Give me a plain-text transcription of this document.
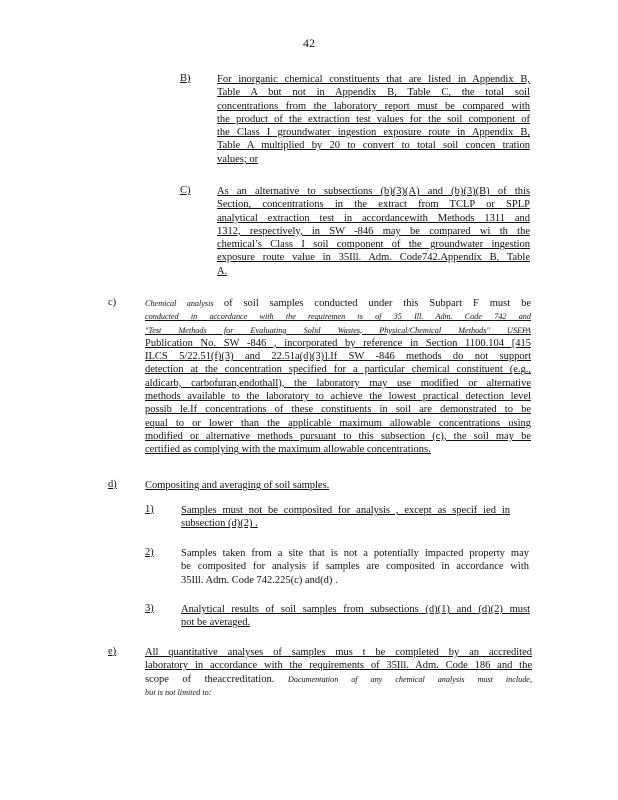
42
B)	For inorganic chemical constituents that are listed in Appendix B,
Table A but not in Appendix B, Table C, the total soil
concentrations from the laboratory report must be compared with
the product of the extraction test values for the soil component of
the Class I groundwater ingestion exposure route in Appendix B,
Table A multiplied by 20 to convert to total soil concen tration
values; or
C)	As an alternative to subsections (b)(3)(A) and (b)(3)(B) of this
Section, concentrations in the extract from TCLP or SPLP
analytical extraction test in accordancewith Methods 1311 and
1312, respectively, in SW -846 may be compared wi th the
chemical’s Class I soil component of the groundwater ingestion
exposure route value in 35Ill. Adm. Code742.Appendix B, Table
A.
c)	Chemical analysis of soil samples conducted under this Subpart F must be
conducted in accordance with the requiremen ts of 35 Ill. Adm. Code 742 and
"Test Methods for Evaluating Solid Wastes, Physical/Chemical Methods" USEPA
Publication No. SW -846 , incorporated by reference in Section 1100.104 [415
ILCS 5/22.51(f)(3) and 22.51a(d)(3)].If SW -846 methods do not support
detection at the concentration specified for a particular chemical constituent (e.g.,
aldicarb, carbofuran,endothall), the laboratory may use modified or alternative
methods available to the laboratory to achieve the lowest practical detection level
possib le.If concentrations of these constituents in soil are demonstrated to be
equal to or lower than the applicable maximum allowable concentrations using
modified or alternative methods pursuant to this subsection (c), the soil may be
certified as complying with the maximum allowable concentrations.
d)	Compositing and averaging of soil samples.
1)	Samples must not be composited for analysis , except as specif ied in
subsection (d)(2) .
2)	Samples taken from a site that is not a potentially impacted property may
be composited for analysis if samples are composited in accordance with
35Ill. Adm. Code 742.225(c) and(d) .
3)	Analytical results of soil samples from subsections (d)(1) and (d)(2) must
not be averaged.
e)	All quantitative analyses of samples mus t be completed by an accredited
laboratory in accordance with the requirements of 35Ill. Adm. Code 186 and the
scope of theaccreditation. Documentation of any chemical analysis must include,
but is not limited to:
